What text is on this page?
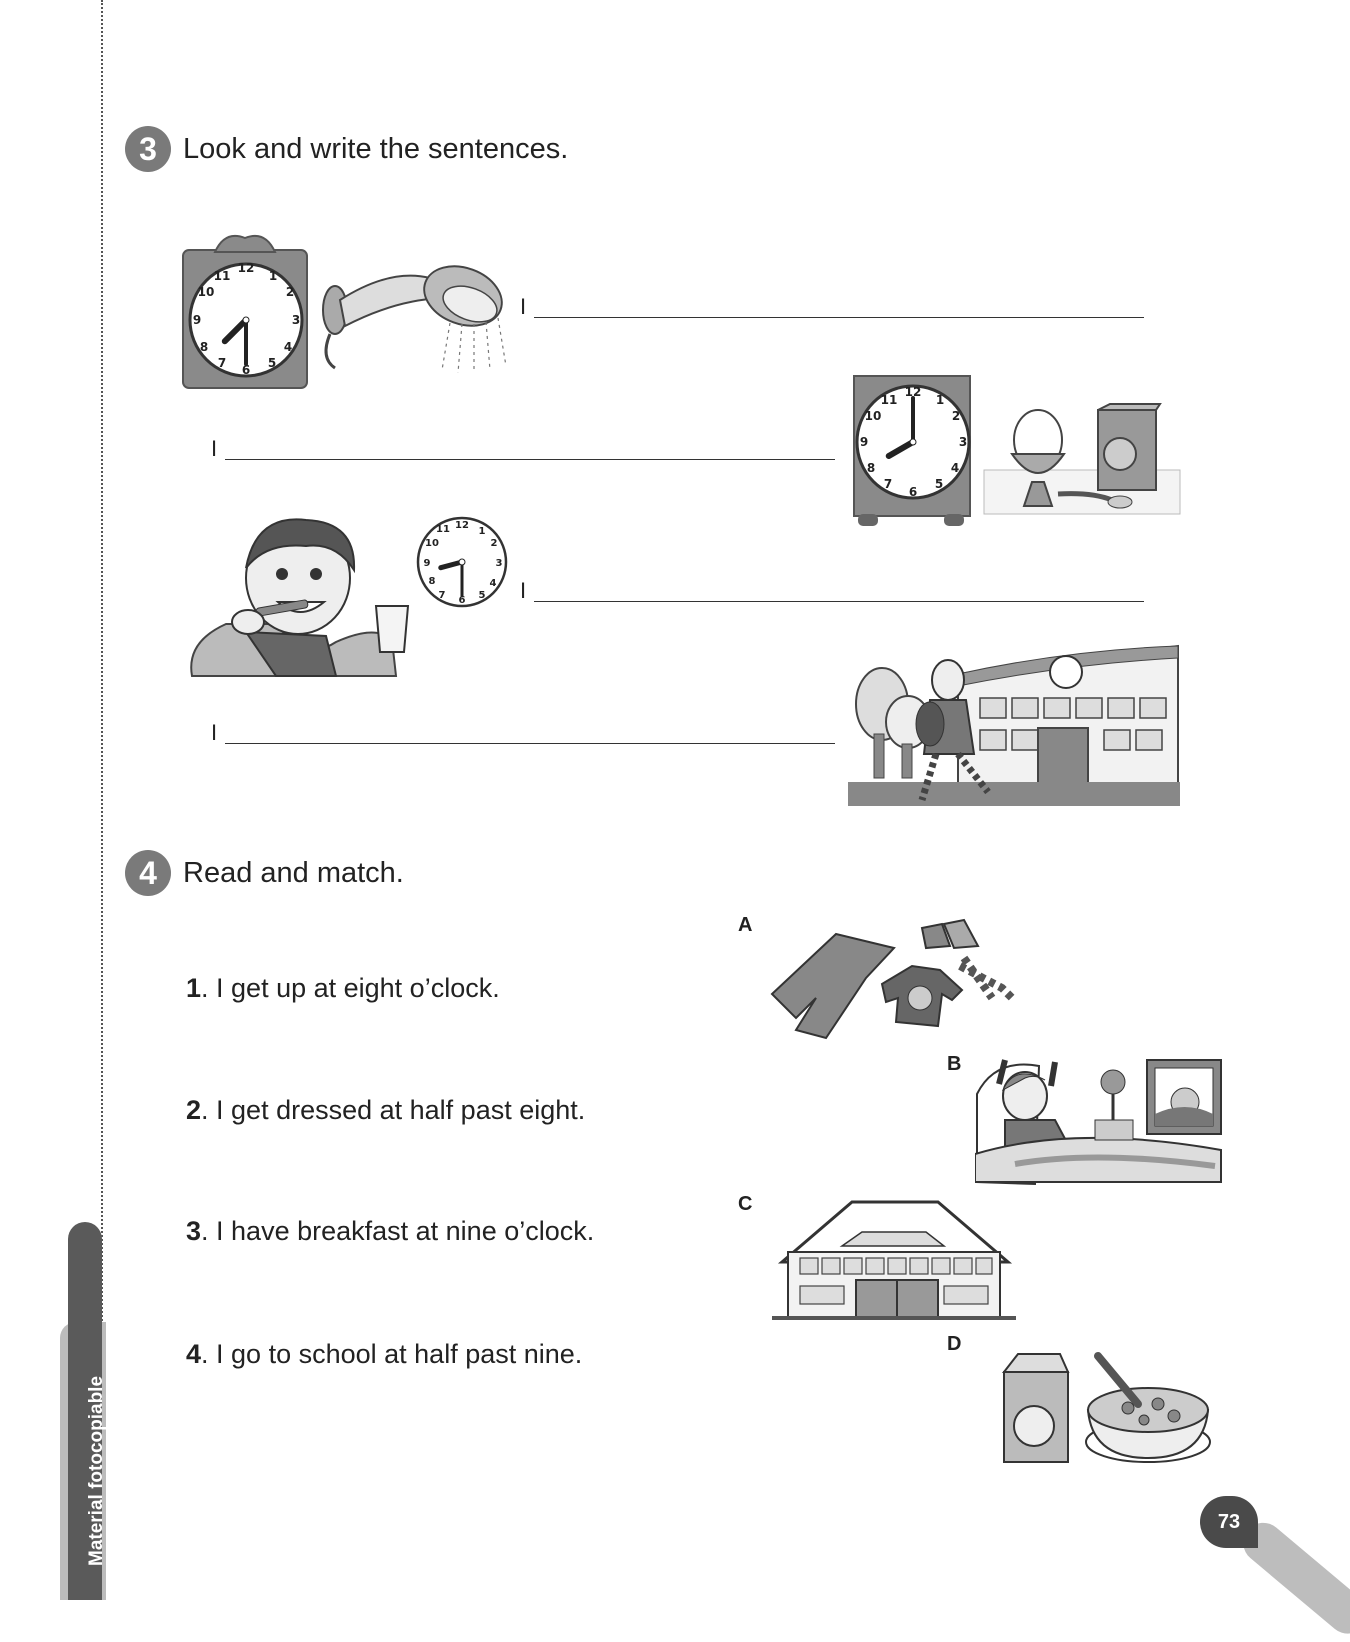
Material fotocopiable
3 Look and write the sentences.
12
1
2
3
4
5
6
7
8
9
10
11
I
I
12
1
2
3
4
5
6
7
8
9
10
11
12
1
2
3
4
5
6
7
8
9
10
11
I
I
4 Read and match.
1. I get up at eight o’clock.
2. I get dressed at half past eight.
3. I have breakfast at nine o’clock.
4. I go to school at half past nine.
A
B
C
D
73
